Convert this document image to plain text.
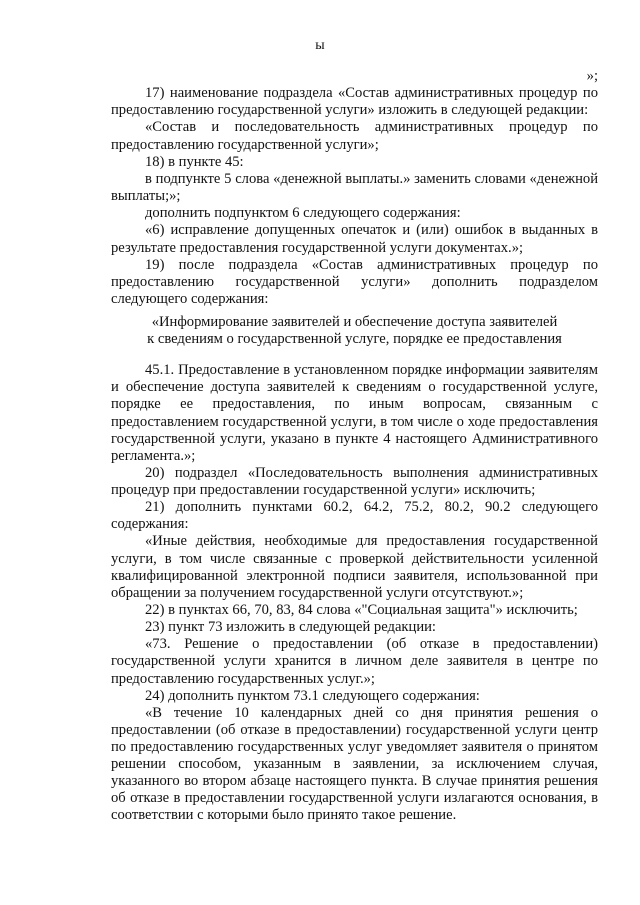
ы

»;

17) наименование подраздела «Состав административных процедур по предоставлению государственной услуги» изложить в следующей редакции:

«Состав и последовательность административных процедур по предоставлению государственной услуги»;

18) в пункте 45:

в подпункте 5 слова «денежной выплаты.» заменить словами «денежной выплаты;»;

дополнить подпунктом 6 следующего содержания:

«6) исправление допущенных опечаток и (или) ошибок в выданных в результате предоставления государственной услуги документах.»;

19) после подраздела «Состав административных процедур по предоставлению государственной услуги» дополнить подразделом следующего содержания:

«Информирование заявителей и обеспечение доступа заявителей

к сведениям о государственной услуге, порядке ее предоставления

45.1. Предоставление в установленном порядке информации заявителям и обеспечение доступа заявителей к сведениям о государственной услуге, порядке ее предоставления, по иным вопросам, связанным с предоставлением государственной услуги, в том числе о ходе предоставления государственной услуги, указано в пункте 4 настоящего Административного регламента.»;

20) подраздел «Последовательность выполнения административных процедур при предоставлении государственной услуги» исключить;

21) дополнить пунктами 60.2, 64.2, 75.2, 80.2, 90.2 следующего содержания:

«Иные действия, необходимые для предоставления государственной услуги, в том числе связанные с проверкой действительности усиленной квалифицированной электронной подписи заявителя, использованной при обращении за получением государственной услуги отсутствуют.»;

22) в пунктах 66, 70, 83, 84 слова «"Социальная защита"» исключить;

23) пункт 73 изложить в следующей редакции:

«73. Решение о предоставлении (об отказе в предоставлении) государственной услуги хранится в личном деле заявителя в центре по предоставлению государственных услуг.»;

24) дополнить пунктом 73.1 следующего содержания:

«В течение 10 календарных дней со дня принятия решения о предоставлении (об отказе в предоставлении) государственной услуги центр по предоставлению государственных услуг уведомляет заявителя о принятом решении способом, указанным в заявлении, за исключением случая, указанного во втором абзаце настоящего пункта. В случае принятия решения об отказе в предоставлении государственной услуги излагаются основания, в соответствии с которыми было принято такое решение.
